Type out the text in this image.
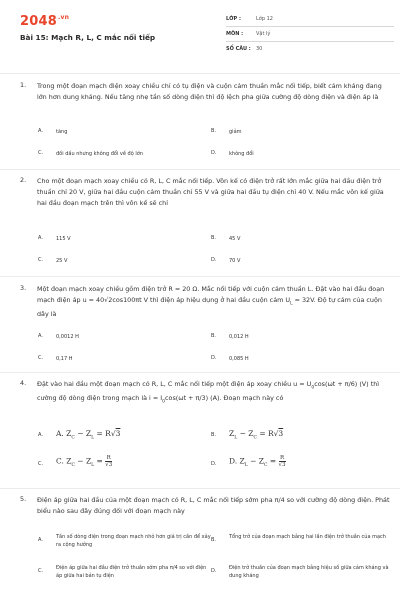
$2048^{.vn}$
Bài 15: Mạch R, L, C mắc nối tiếp
LỚP :	Lớp 12
MÔN :	Vật lý
SỐ CÂU :	30
1. Trong một đoạn mạch điện xoay chiều chỉ có tụ điện và cuộn cảm thuần mắc nối tiếp, biết cảm kháng đang lớn hơn dung kháng. Nếu tăng nhẹ tần số dòng điện thì độ lệch pha giữa cường độ dòng điện và điện áp là
A.	tăng	B.	giảm
C.	đối dấu nhưng không đổi về độ lớn	D.	không đổi
2. Cho một đoạn mạch xoay chiều có R, L, C mắc nối tiếp. Vôn kế có điện trở rất lớn mắc giữa hai đầu điện trở thuần chỉ 20 V, giữa hai đầu cuộn cảm thuần chỉ 55 V và giữa hai đầu tụ điện chỉ 40 V. Nếu mắc vôn kế giữa hai đầu đoạn mạch trên thì vôn kế sẽ chỉ
A.	115 V	B.	45 V
C.	25 V	D.	70 V
3. Một đoạn mạch xoay chiều gồm điện trở R = 20 Ω. Mắc nối tiếp với cuộn cảm thuần L. Đặt vào hai đầu đoạn mạch điện áp u = 40√2cos100πt V thì điện áp hiệu dụng ở hai đầu cuộn cảm $U_L = 32V$. Độ tự cảm của cuộn dây là
A.	0,0012 H	B.	0,012 H
C.	0,17 H	D.	0,085 H
4. Đặt vào hai đầu một đoạn mạch có R, L, C mắc nối tiếp một điện áp xoay chiều $u = U_0\cos(\omega t + \pi/6)$ (V) thì cường độ dòng điện trong mạch là $i = I_0\cos(\omega t + \pi/3)$ (A). Đoạn mạch này có
A. A. $Z_C - Z_L = R√3$	B. $Z_L - Z_C = R√3$
C. C. $Z_C - Z_L = \frac{R}{√3}$	D. D. $Z_L - Z_C = \frac{R}{√3}$
5. Điện áp giữa hai đầu của một đoạn mạch có R, L, C mắc nối tiếp sớm pha π/4 so với cường độ dòng điện. Phát biểu nào sau đây đúng đối với đoạn mạch này
A.	Tần số dòng điện trong đoạn mạch nhỏ hơn giá trị cần để xảy ra cộng hưởng
B.	Tổng trở của đoạn mạch bằng hai lần điện trở thuần của mạch
C.	Điện áp giữa hai đầu điện trở thuần sớm pha π/4 so với điện áp giữa hai bản tụ điện
D.	Điện trở thuần của đoạn mạch bằng hiệu số giữa cảm kháng và dung kháng
